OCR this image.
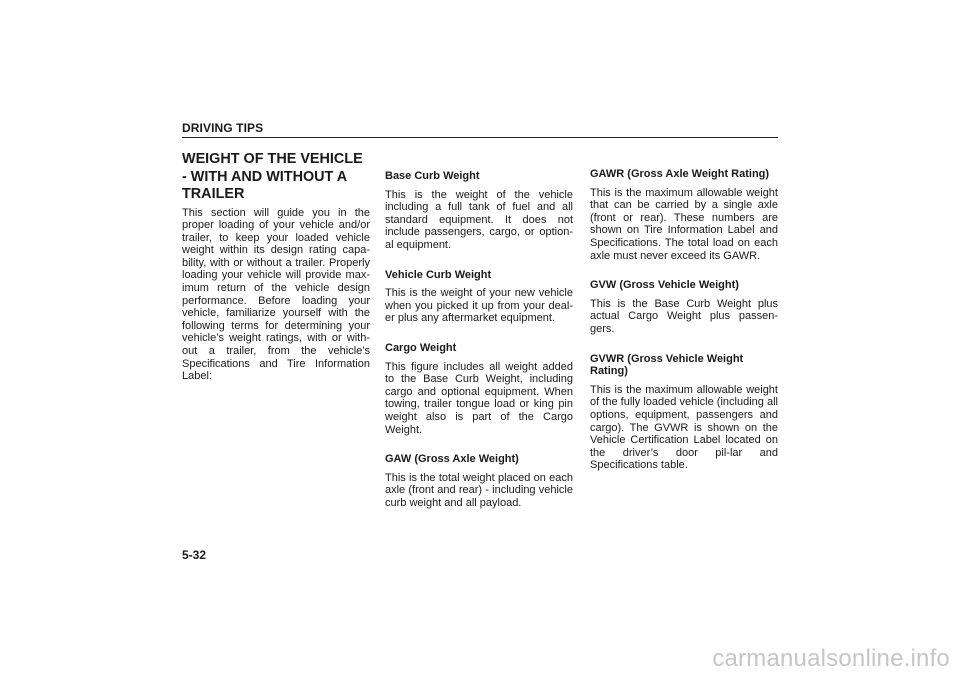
DRIVING TIPS
WEIGHT OF THE VEHICLE - WITH AND WITHOUT A TRAILER

This section will guide you in the proper loading of your vehicle and/or trailer, to keep your loaded vehicle weight within its design rating capa-bility, with or without a trailer. Properly loading your vehicle will provide max-imum return of the vehicle design performance. Before loading your vehicle, familiarize yourself with the following terms for determining your vehicle’s weight ratings, with or with-out a trailer, from the vehicle’s Specifications and Tire Information Label:

Base Curb Weight

This is the weight of the vehicle including a full tank of fuel and all standard equipment. It does not include passengers, cargo, or option-al equipment.

Vehicle Curb Weight

This is the weight of your new vehicle when you picked it up from your deal-er plus any aftermarket equipment.

Cargo Weight

This figure includes all weight added to the Base Curb Weight, including cargo and optional equipment. When towing, trailer tongue load or king pin weight also is part of the Cargo Weight.

GAW (Gross Axle Weight)

This is the total weight placed on each axle (front and rear) - including vehicle curb weight and all payload.

GAWR (Gross Axle Weight Rating)

This is the maximum allowable weight that can be carried by a single axle (front or rear). These numbers are shown on Tire Information Label and Specifications. The total load on each axle must never exceed its GAWR.

GVW (Gross Vehicle Weight)

This is the Base Curb Weight plus actual Cargo Weight plus passen-gers.

GVWR (Gross Vehicle Weight Rating)

This is the maximum allowable weight of the fully loaded vehicle (including all options, equipment, passengers and cargo). The GVWR is shown on the Vehicle Certification Label located on the driver’s door pil-lar and Specifications table.

5-32
carmanualsonline.info
